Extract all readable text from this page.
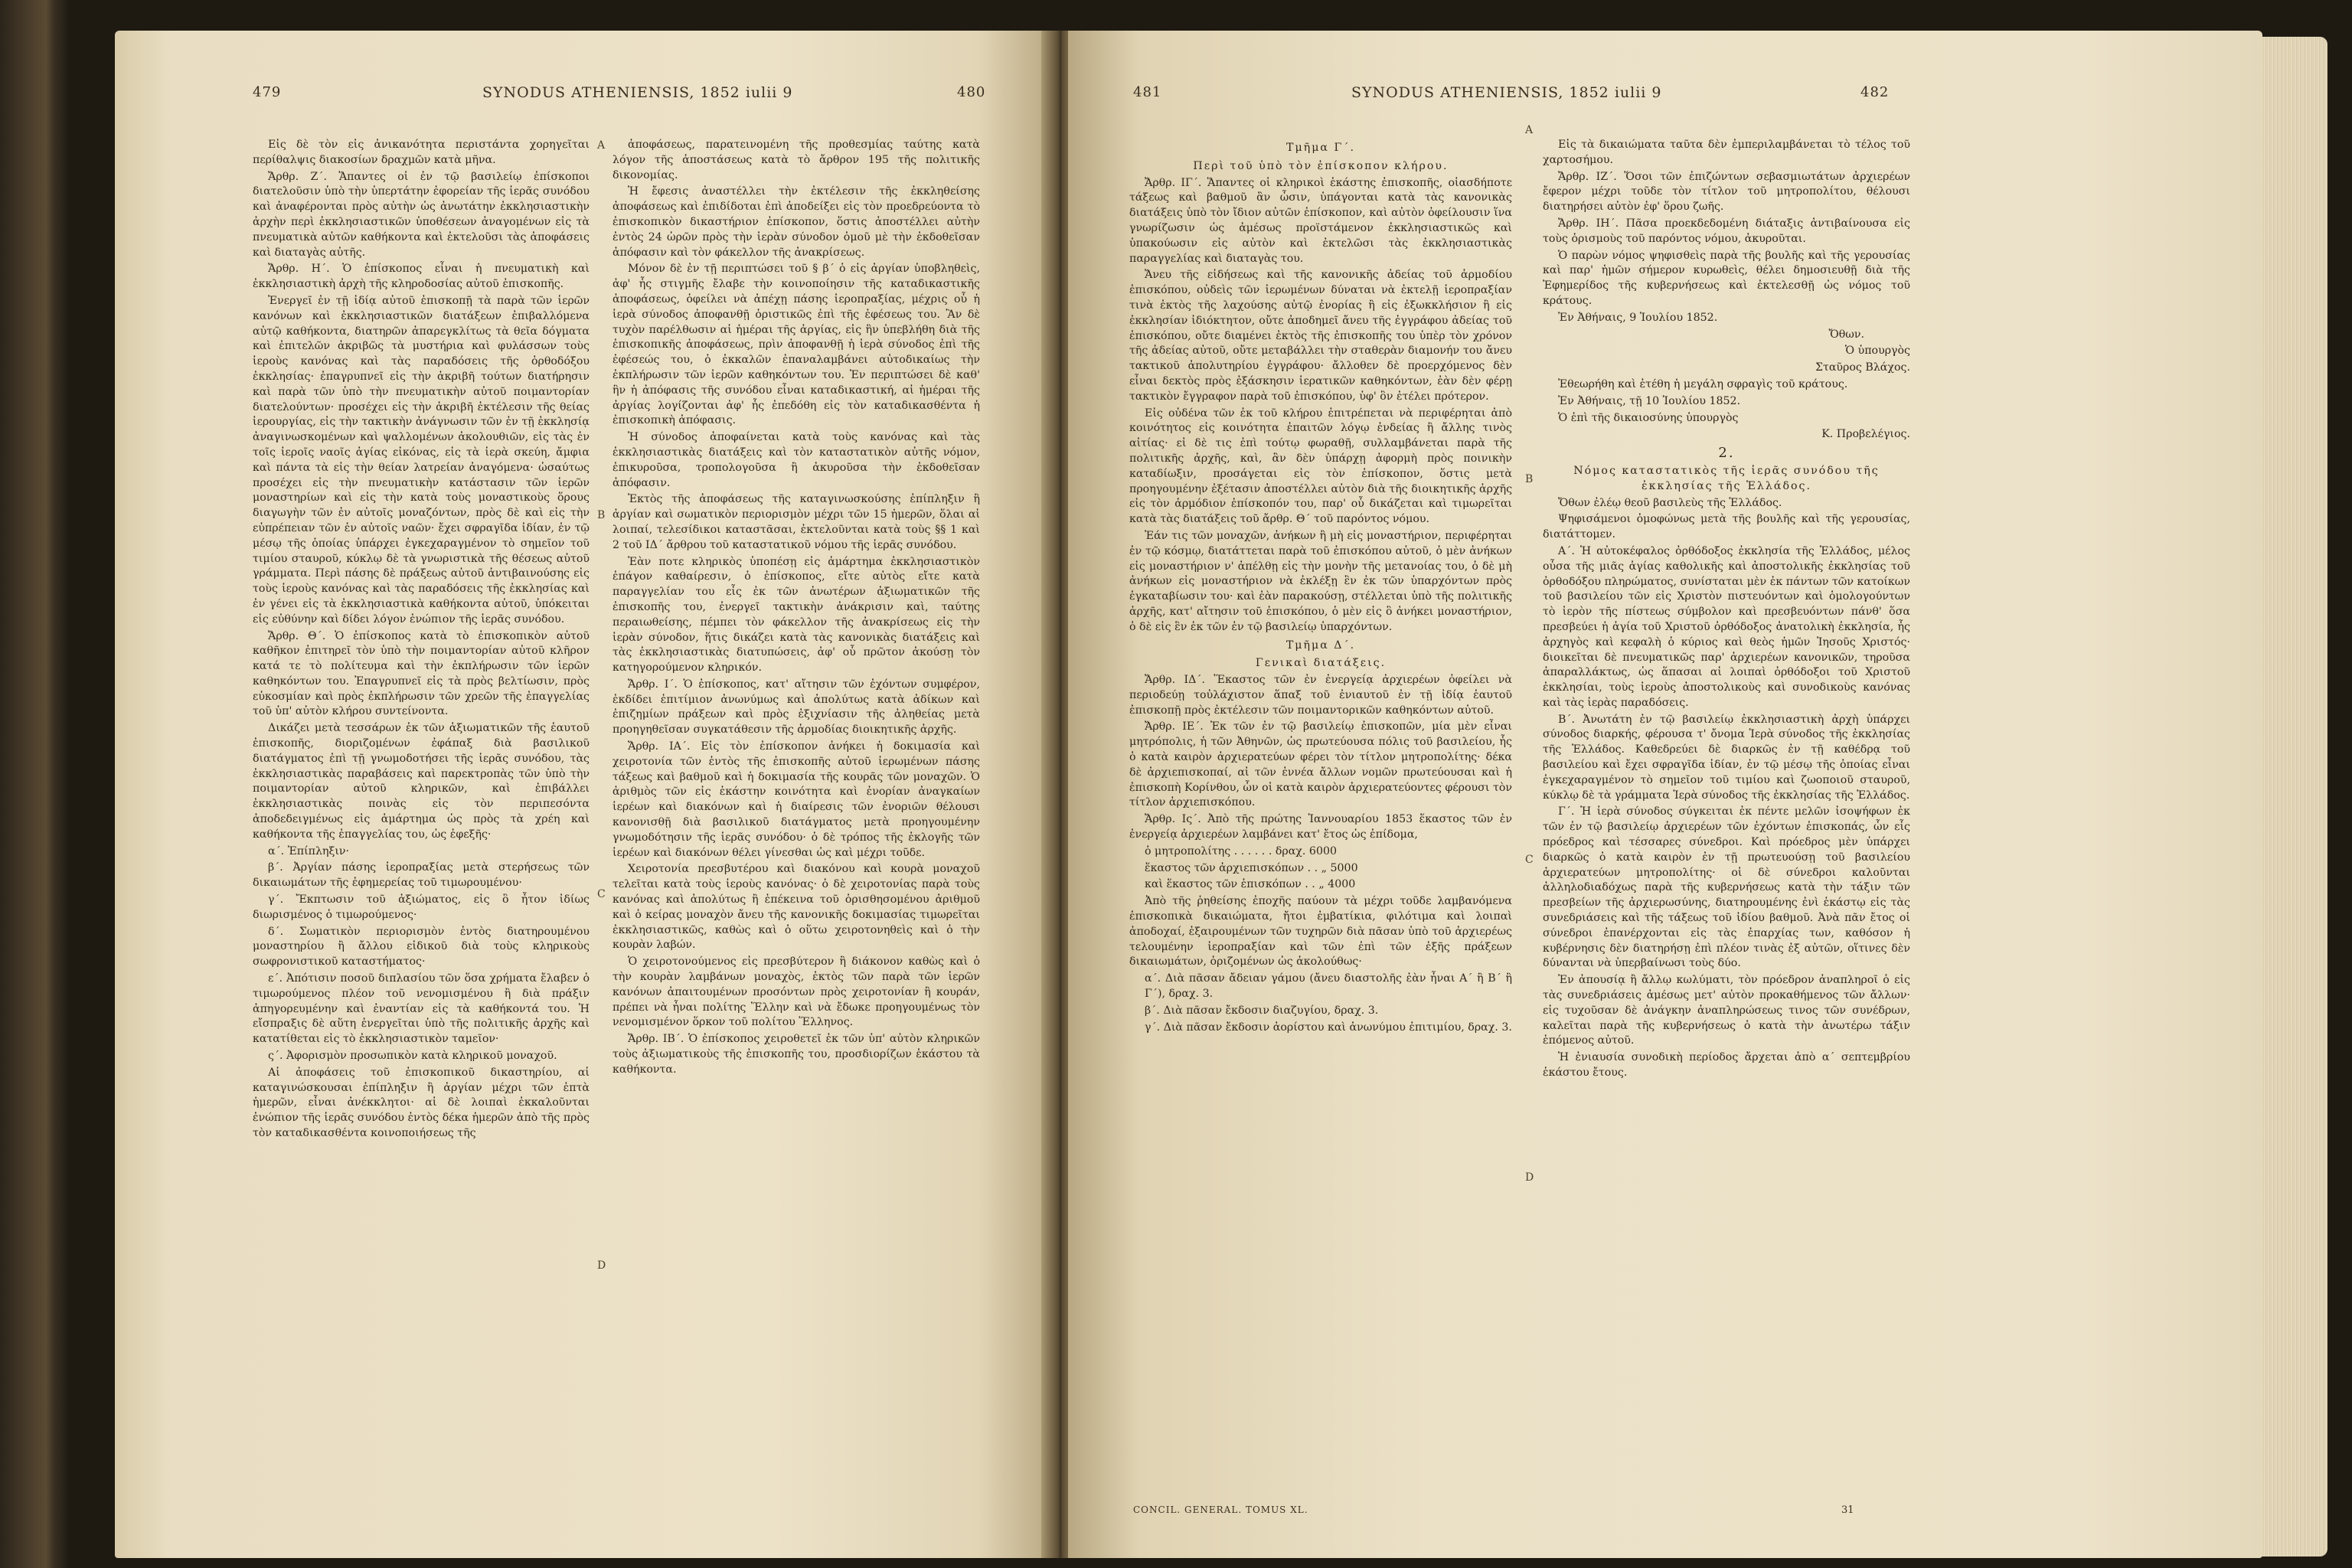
479	SYNODUS ATHENIENSIS, 1852 iulii 9	480

Εἰς δὲ τὸν εἰς ἀνικανότητα περιστάντα χορηγεῖται περίθαλψις διακοσίων δραχμῶν κατὰ μῆνα.

Ἄρθρ. Ζ΄. Ἅπαντες οἱ ἐν τῷ βασιλείῳ ἐπίσκοποι διατελοῦσιν ὑπὸ τὴν ὑπερτάτην ἐφορείαν τῆς ἱερᾶς συνόδου καὶ ἀναφέρονται πρὸς αὐτὴν ὡς ἀνωτάτην ἐκκλησιαστικὴν ἀρχὴν περὶ ἐκκλησιαστικῶν ὑποθέσεων ἀναγομένων εἰς τὰ πνευματικὰ αὐτῶν καθήκοντα καὶ ἐκτελοῦσι τὰς ἀποφάσεις καὶ διαταγὰς αὐτῆς.

Ἄρθρ. Η΄. Ὁ ἐπίσκοπος εἶναι ἡ πνευματικὴ καὶ ἐκκλησιαστικὴ ἀρχὴ τῆς κληροδοσίας αὐτοῦ ἐπισκοπῆς.

Ἐνεργεῖ ἐν τῇ ἰδίᾳ αὐτοῦ ἐπισκοπῇ τὰ παρὰ τῶν ἱερῶν κανόνων καὶ ἐκκλησιαστικῶν διατάξεων ἐπιβαλλόμενα αὐτῷ καθήκοντα, διατηρῶν ἀπαρεγκλίτως τὰ θεῖα δόγματα καὶ ἐπιτελῶν ἀκριβῶς τὰ μυστήρια καὶ φυλάσσων τοὺς ἱεροὺς κανόνας καὶ τὰς παραδόσεις τῆς ὀρθοδόξου ἐκκλησίας· ἐπαγρυπνεῖ εἰς τὴν ἀκριβῆ τούτων διατήρησιν καὶ παρὰ τῶν ὑπὸ τὴν πνευματικὴν αὐτοῦ ποιμαντορίαν διατελούντων· προσέχει εἰς τὴν ἀκριβῆ ἐκτέλεσιν τῆς θείας ἱερουργίας, εἰς τὴν τακτικὴν ἀνάγνωσιν τῶν ἐν τῇ ἐκκλησίᾳ ἀναγινωσκομένων καὶ ψαλλομένων ἀκολουθιῶν, εἰς τὰς ἐν τοῖς ἱεροῖς ναοῖς ἁγίας εἰκόνας, εἰς τὰ ἱερὰ σκεύη, ἄμφια καὶ πάντα τὰ εἰς τὴν θείαν λατρείαν ἀναγόμενα· ὡσαύτως προσέχει εἰς τὴν πνευματικὴν κατάστασιν τῶν ἱερῶν μοναστηρίων καὶ εἰς τὴν κατὰ τοὺς μοναστικοὺς ὅρους διαγωγὴν τῶν ἐν αὐτοῖς μοναζόντων, πρὸς δὲ καὶ εἰς τὴν εὐπρέπειαν τῶν ἐν αὐτοῖς ναῶν· ἔχει σφραγῖδα ἰδίαν, ἐν τῷ μέσῳ τῆς ὁποίας ὑπάρχει ἐγκεχαραγμένον τὸ σημεῖον τοῦ τιμίου σταυροῦ, κύκλῳ δὲ τὰ γνωριστικὰ τῆς θέσεως αὐτοῦ γράμματα. Περὶ πάσης δὲ πράξεως αὐτοῦ ἀντιβαινούσης εἰς τοὺς ἱεροὺς κανόνας καὶ τὰς παραδόσεις τῆς ἐκκλησίας καὶ ἐν γένει εἰς τὰ ἐκκλησιαστικὰ καθήκοντα αὐτοῦ, ὑπόκειται εἰς εὐθύνην καὶ δίδει λόγον ἐνώπιον τῆς ἱερᾶς συνόδου.

Ἄρθρ. Θ΄. Ὁ ἐπίσκοπος κατὰ τὸ ἐπισκοπικὸν αὐτοῦ καθῆκον ἐπιτηρεῖ τὸν ὑπὸ τὴν ποιμαντορίαν αὐτοῦ κλῆρον κατά τε τὸ πολίτευμα καὶ τὴν ἐκπλήρωσιν τῶν ἱερῶν καθηκόντων του. Ἐπαγρυπνεῖ εἰς τὰ πρὸς βελτίωσιν, πρὸς εὐκοσμίαν καὶ πρὸς ἐκπλήρωσιν τῶν χρεῶν τῆς ἐπαγγελίας τοῦ ὑπ' αὐτὸν κλήρου συντείνοντα.

Δικάζει μετὰ τεσσάρων ἐκ τῶν ἀξιωματικῶν τῆς ἑαυτοῦ ἐπισκοπῆς, διοριζομένων ἐφάπαξ διὰ βασιλικοῦ διατάγματος ἐπὶ τῇ γνωμοδοτήσει τῆς ἱερᾶς συνόδου, τὰς ἐκκλησιαστικὰς παραβάσεις καὶ παρεκτροπὰς τῶν ὑπὸ τὴν ποιμαντορίαν αὐτοῦ κληρικῶν, καὶ ἐπιβάλλει ἐκκλησιαστικὰς ποινὰς εἰς τὸν περιπεσόντα ἀποδεδειγμένως εἰς ἁμάρτημα ὡς πρὸς τὰ χρέη καὶ καθήκοντα τῆς ἐπαγγελίας του, ὡς ἐφεξῆς·

α΄. Ἐπίπληξιν·

β΄. Ἀργίαν πάσης ἱεροπραξίας μετὰ στερήσεως τῶν δικαιωμάτων τῆς ἐφημερείας τοῦ τιμωρουμένου·

γ΄. Ἔκπτωσιν τοῦ ἀξιώματος, εἰς ὃ ἦτον ἰδίως διωρισμένος ὁ τιμωρούμενος·

δ΄. Σωματικὸν περιορισμὸν ἐντὸς διατηρουμένου μοναστηρίου ἢ ἄλλου εἰδικοῦ διὰ τοὺς κληρικοὺς σωφρονιστικοῦ καταστήματος·

ε΄. Ἀπότισιν ποσοῦ διπλασίου τῶν ὅσα χρήματα ἔλαβεν ὁ τιμωρούμενος πλέον τοῦ νενομισμένου ἢ διὰ πράξιν ἀπηγορευμένην καὶ ἐναντίαν εἰς τὰ καθήκοντά του. Ἡ εἴσπραξις δὲ αὕτη ἐνεργεῖται ὑπὸ τῆς πολιτικῆς ἀρχῆς καὶ κατατίθεται εἰς τὸ ἐκκλησιαστικὸν ταμεῖον·

ς΄. Ἀφορισμὸν προσωπικὸν κατὰ κληρικοῦ μοναχοῦ.

Αἱ ἀποφάσεις τοῦ ἐπισκοπικοῦ δικαστηρίου, αἱ καταγινώσκουσαι ἐπίπληξιν ἢ ἀργίαν μέχρι τῶν ἑπτὰ ἡμερῶν, εἶναι ἀνέκκλητοι· αἱ δὲ λοιπαὶ ἐκκαλοῦνται ἐνώπιον τῆς ἱερᾶς συνόδου ἐντὸς δέκα ἡμερῶν ἀπὸ τῆς πρὸς τὸν καταδικασθέντα κοινοποιήσεως τῆς

ἀποφάσεως, παρατεινομένη τῆς προθεσμίας ταύτης κατὰ λόγον τῆς ἀποστάσεως κατὰ τὸ ἄρθρον 195 τῆς πολιτικῆς δικονομίας.

Ἡ ἔφεσις ἀναστέλλει τὴν ἐκτέλεσιν τῆς ἐκκληθείσης ἀποφάσεως καὶ ἐπιδίδοται ἐπὶ ἀποδείξει εἰς τὸν προεδρεύοντα τὸ ἐπισκοπικὸν δικαστήριον ἐπίσκοπον, ὅστις ἀποστέλλει αὐτὴν ἐντὸς 24 ὡρῶν πρὸς τὴν ἱερὰν σύνοδον ὁμοῦ μὲ τὴν ἐκδοθεῖσαν ἀπόφασιν καὶ τὸν φάκελλον τῆς ἀνακρίσεως.

Μόνον δὲ ἐν τῇ περιπτώσει τοῦ § β΄ ὁ εἰς ἀργίαν ὑποβληθεὶς, ἀφ' ἧς στιγμῆς ἔλαβε τὴν κοινοποίησιν τῆς καταδικαστικῆς ἀποφάσεως, ὀφείλει νὰ ἀπέχῃ πάσης ἱεροπραξίας, μέχρις οὗ ἡ ἱερὰ σύνοδος ἀποφανθῇ ὁριστικῶς ἐπὶ τῆς ἐφέσεως του. Ἂν δὲ τυχὸν παρέλθωσιν αἱ ἡμέραι τῆς ἀργίας, εἰς ἣν ὑπεβλήθη διὰ τῆς ἐπισκοπικῆς ἀποφάσεως, πρὶν ἀποφανθῇ ἡ ἱερὰ σύνοδος ἐπὶ τῆς ἐφέσεώς του, ὁ ἐκκαλῶν ἐπαναλαμβάνει αὐτοδικαίως τὴν ἐκπλήρωσιν τῶν ἱερῶν καθηκόντων του. Ἐν περιπτώσει δὲ καθ' ἣν ἡ ἀπόφασις τῆς συνόδου εἶναι καταδικαστική, αἱ ἡμέραι τῆς ἀργίας λογίζονται ἀφ' ἧς ἐπεδόθη εἰς τὸν καταδικασθέντα ἡ ἐπισκοπικὴ ἀπόφασις.

Ἡ σύνοδος ἀποφαίνεται κατὰ τοὺς κανόνας καὶ τὰς ἐκκλησιαστικὰς διατάξεις καὶ τὸν καταστατικὸν αὐτῆς νόμον, ἐπικυροῦσα, τροπολογοῦσα ἢ ἀκυροῦσα τὴν ἐκδοθεῖσαν ἀπόφασιν.

Ἐκτὸς τῆς ἀποφάσεως τῆς καταγινωσκούσης ἐπίπληξιν ἢ ἀργίαν καὶ σωματικὸν περιορισμὸν μέχρι τῶν 15 ἡμερῶν, ὅλαι αἱ λοιπαί, τελεσίδικοι καταστᾶσαι, ἐκτελοῦνται κατὰ τοὺς §§ 1 καὶ 2 τοῦ ΙΔ΄ ἄρθρου τοῦ καταστατικοῦ νόμου τῆς ἱερᾶς συνόδου.

Ἐὰν ποτε κληρικὸς ὑποπέσῃ εἰς ἁμάρτημα ἐκκλησιαστικὸν ἐπάγον καθαίρεσιν, ὁ ἐπίσκοπος, εἴτε αὐτὸς εἴτε κατὰ παραγγελίαν του εἷς ἐκ τῶν ἀνωτέρων ἀξιωματικῶν τῆς ἐπισκοπῆς του, ἐνεργεῖ τακτικὴν ἀνάκρισιν καὶ, ταύτης περαιωθείσης, πέμπει τὸν φάκελλον τῆς ἀνακρίσεως εἰς τὴν ἱερὰν σύνοδον, ἥτις δικάζει κατὰ τὰς κανονικὰς διατάξεις καὶ τὰς ἐκκλησιαστικὰς διατυπώσεις, ἀφ' οὗ πρῶτον ἀκούσῃ τὸν κατηγορούμενον κληρικόν.

Ἄρθρ. Ι΄. Ὁ ἐπίσκοπος, κατ' αἴτησιν τῶν ἐχόντων συμφέρον, ἐκδίδει ἐπιτίμιον ἀνωνύμως καὶ ἀπολύτως κατὰ ἀδίκων καὶ ἐπιζημίων πράξεων καὶ πρὸς ἐξιχνίασιν τῆς ἀληθείας μετὰ προηγηθεῖσαν συγκατάθεσιν τῆς ἁρμοδίας διοικητικῆς ἀρχῆς.

Ἄρθρ. ΙΑ΄. Εἰς τὸν ἐπίσκοπον ἀνήκει ἡ δοκιμασία καὶ χειροτονία τῶν ἐντὸς τῆς ἐπισκοπῆς αὐτοῦ ἱερωμένων πάσης τάξεως καὶ βαθμοῦ καὶ ἡ δοκιμασία τῆς κουρᾶς τῶν μοναχῶν. Ὁ ἀριθμὸς τῶν εἰς ἑκάστην κοινότητα καὶ ἐνορίαν ἀναγκαίων ἱερέων καὶ διακόνων καὶ ἡ διαίρεσις τῶν ἐνοριῶν θέλουσι κανονισθῇ διὰ βασιλικοῦ διατάγματος μετὰ προηγουμένην γνωμοδότησιν τῆς ἱερᾶς συνόδου· ὁ δὲ τρόπος τῆς ἐκλογῆς τῶν ἱερέων καὶ διακόνων θέλει γίνεσθαι ὡς καὶ μέχρι τοῦδε.

Χειροτονία πρεσβυτέρου καὶ διακόνου καὶ κουρὰ μοναχοῦ τελεῖται κατὰ τοὺς ἱεροὺς κανόνας· ὁ δὲ χειροτονίας παρὰ τοὺς κανόνας καὶ ἀπολύτως ἢ ἐπέκεινα τοῦ ὁρισθησομένου ἀριθμοῦ καὶ ὁ κείρας μοναχὸν ἄνευ τῆς κανονικῆς δοκιμασίας τιμωρεῖται ἐκκλησιαστικῶς, καθὼς καὶ ὁ οὕτω χειροτονηθεὶς καὶ ὁ τὴν κουρὰν λαβών.

Ὁ χειροτονούμενος εἰς πρεσβύτερον ἢ διάκονον καθὼς καὶ ὁ τὴν κουρὰν λαμβάνων μοναχὸς, ἐκτὸς τῶν παρὰ τῶν ἱερῶν κανόνων ἀπαιτουμένων προσόντων πρὸς χειροτονίαν ἢ κουράν, πρέπει νὰ ἦναι πολίτης Ἕλλην καὶ νὰ ἔδωκε προηγουμένως τὸν νενομισμένον ὅρκον τοῦ πολίτου Ἕλληνος.

Ἄρθρ. ΙΒ΄. Ὁ ἐπίσκοπος χειροθετεῖ ἐκ τῶν ὑπ' αὐτὸν κληρικῶν τοὺς ἀξιωματικοὺς τῆς ἐπισκοπῆς του, προσδιορίζων ἑκάστου τὰ καθήκοντα.

A
B
C
D
481	SYNODUS ATHENIENSIS, 1852 iulii 9	482

Τμῆμα Γ΄.

Περὶ τοῦ ὑπὸ τὸν ἐπίσκοπον κλήρου.

Ἄρθρ. ΙΓ΄. Ἅπαντες οἱ κληρικοὶ ἑκάστης ἐπισκοπῆς, οἱασδήποτε τάξεως καὶ βαθμοῦ ἂν ὦσιν, ὑπάγονται κατὰ τὰς κανονικὰς διατάξεις ὑπὸ τὸν ἴδιον αὐτῶν ἐπίσκοπον, καὶ αὐτὸν ὀφείλουσιν ἵνα γνωρίζωσιν ὡς ἀμέσως προϊστάμενον ἐκκλησιαστικῶς καὶ ὑπακούωσιν εἰς αὐτὸν καὶ ἐκτελῶσι τὰς ἐκκλησιαστικὰς παραγγελίας καὶ διαταγὰς του.

Ἄνευ τῆς εἰδήσεως καὶ τῆς κανονικῆς ἀδείας τοῦ ἁρμοδίου ἐπισκόπου, οὐδεὶς τῶν ἱερωμένων δύναται νὰ ἐκτελῇ ἱεροπραξίαν τινὰ ἐκτὸς τῆς λαχούσης αὐτῷ ἐνορίας ἢ εἰς ἐξωκκλήσιον ἢ εἰς ἐκκλησίαν ἰδιόκτητον, οὔτε ἀποδημεῖ ἄνευ τῆς ἐγγράφου ἀδείας τοῦ ἐπισκόπου, οὔτε διαμένει ἐκτὸς τῆς ἐπισκοπῆς του ὑπὲρ τὸν χρόνον τῆς ἀδείας αὐτοῦ, οὔτε μεταβάλλει τὴν σταθερὰν διαμονήν του ἄνευ τακτικοῦ ἀπολυτηρίου ἐγγράφου· ἄλλοθεν δὲ προερχόμενος δὲν εἶναι δεκτὸς πρὸς ἐξάσκησιν ἱερατικῶν καθηκόντων, ἐὰν δὲν φέρῃ τακτικὸν ἔγγραφον παρὰ τοῦ ἐπισκόπου, ὑφ' ὃν ἐτέλει πρότερον.

Εἰς οὐδένα τῶν ἐκ τοῦ κλήρου ἐπιτρέπεται νὰ περιφέρηται ἀπὸ κοινότητος εἰς κοινότητα ἐπαιτῶν λόγῳ ἐνδείας ἢ ἄλλης τινὸς αἰτίας· εἰ δὲ τις ἐπὶ τούτῳ φωραθῇ, συλλαμβάνεται παρὰ τῆς πολιτικῆς ἀρχῆς, καὶ, ἂν δὲν ὑπάρχῃ ἀφορμὴ πρὸς ποινικὴν καταδίωξιν, προσάγεται εἰς τὸν ἐπίσκοπον, ὅστις μετὰ προηγουμένην ἐξέτασιν ἀποστέλλει αὐτὸν διὰ τῆς διοικητικῆς ἀρχῆς εἰς τὸν ἁρμόδιον ἐπίσκοπόν του, παρ' οὗ δικάζεται καὶ τιμωρεῖται κατὰ τὰς διατάξεις τοῦ ἄρθρ. Θ΄ τοῦ παρόντος νόμου.

Ἐάν τις τῶν μοναχῶν, ἀνήκων ἢ μὴ εἰς μοναστήριον, περιφέρηται ἐν τῷ κόσμῳ, διατάττεται παρὰ τοῦ ἐπισκόπου αὐτοῦ, ὁ μὲν ἀνήκων εἰς μοναστήριον ν' ἀπέλθῃ εἰς τὴν μονὴν τῆς μετανοίας του, ὁ δὲ μὴ ἀνήκων εἰς μοναστήριον νὰ ἐκλέξῃ ἓν ἐκ τῶν ὑπαρχόντων πρὸς ἐγκαταβίωσιν του· καὶ ἐὰν παρακούσῃ, στέλλεται ὑπὸ τῆς πολιτικῆς ἀρχῆς, κατ' αἴτησιν τοῦ ἐπισκόπου, ὁ μὲν εἰς ὃ ἀνήκει μοναστήριον, ὁ δὲ εἰς ἓν ἐκ τῶν ἐν τῷ βασιλείῳ ὑπαρχόντων.

Τμῆμα Δ΄.

Γενικαὶ διατάξεις.

Ἄρθρ. ΙΔ΄. Ἕκαστος τῶν ἐν ἐνεργείᾳ ἀρχιερέων ὀφείλει νὰ περιοδεύῃ τοὐλάχιστον ἅπαξ τοῦ ἐνιαυτοῦ ἐν τῇ ἰδίᾳ ἑαυτοῦ ἐπισκοπῇ πρὸς ἐκτέλεσιν τῶν ποιμαντορικῶν καθηκόντων αὐτοῦ.

Ἄρθρ. ΙΕ΄. Ἐκ τῶν ἐν τῷ βασιλείῳ ἐπισκοπῶν, μία μὲν εἶναι μητρόπολις, ἡ τῶν Ἀθηνῶν, ὡς πρωτεύουσα πόλις τοῦ βασιλείου, ἧς ὁ κατὰ καιρὸν ἀρχιερατεύων φέρει τὸν τίτλον μητροπολίτης· δέκα δὲ ἀρχιεπισκοπαί, αἱ τῶν ἐννέα ἄλλων νομῶν πρωτεύουσαι καὶ ἡ ἐπισκοπὴ Κορίνθου, ὧν οἱ κατὰ καιρὸν ἀρχιερατεύοντες φέρουσι τὸν τίτλον ἀρχιεπισκόπου.

Ἄρθρ. Ις΄. Ἀπὸ τῆς πρώτης Ἰαννουαρίου 1853 ἕκαστος τῶν ἐν ἐνεργείᾳ ἀρχιερέων λαμβάνει κατ' ἔτος ὡς ἐπίδομα,

ὁ μητροπολίτης . . . . . . δραχ. 6000

ἕκαστος τῶν ἀρχιεπισκόπων . . „ 5000

καὶ ἕκαστος τῶν ἐπισκόπων . . „ 4000

Ἀπὸ τῆς ῥηθείσης ἐποχῆς παύουν τὰ μέχρι τοῦδε λαμβανόμενα ἐπισκοπικὰ δικαιώματα, ἤτοι ἐμβατίκια, φιλότιμα καὶ λοιπαὶ ἀποδοχαί, ἐξαιρουμένων τῶν τυχηρῶν διὰ πᾶσαν ὑπὸ τοῦ ἀρχιερέως τελουμένην ἱεροπραξίαν καὶ τῶν ἐπὶ τῶν ἐξῆς πράξεων δικαιωμάτων, ὁριζομένων ὡς ἀκολούθως·

α΄. Διὰ πᾶσαν ἄδειαν γάμου (ἄνευ διαστολῆς ἐὰν ἦναι Α΄ ἢ Β΄ ἢ Γ΄), δραχ. 3.

β΄. Διὰ πᾶσαν ἔκδοσιν διαζυγίου, δραχ. 3.

γ΄. Διὰ πᾶσαν ἔκδοσιν ἀορίστου καὶ ἀνωνύμου ἐπιτιμίου, δραχ. 3.

Εἰς τὰ δικαιώματα ταῦτα δὲν ἐμπεριλαμβάνεται τὸ τέλος τοῦ χαρτοσήμου.

Ἄρθρ. ΙΖ΄. Ὅσοι τῶν ἐπιζώντων σεβασμιωτάτων ἀρχιερέων ἔφερον μέχρι τοῦδε τὸν τίτλον τοῦ μητροπολίτου, θέλουσι διατηρήσει αὐτὸν ἐφ' ὅρου ζωῆς.

Ἄρθρ. ΙΗ΄. Πᾶσα προεκδεδομένη διάταξις ἀντιβαίνουσα εἰς τοὺς ὁρισμοὺς τοῦ παρόντος νόμου, ἀκυροῦται.

Ὁ παρὼν νόμος ψηφισθεὶς παρὰ τῆς βουλῆς καὶ τῆς γερουσίας καὶ παρ' ἡμῶν σήμερον κυρωθεὶς, θέλει δημοσιευθῇ διὰ τῆς Ἐφημερίδος τῆς κυβερνήσεως καὶ ἐκτελεσθῇ ὡς νόμος τοῦ κράτους.

Ἐν Ἀθήναις, 9 Ἰουλίου 1852.

Ὄθων.

Ὁ ὑπουργὸς

Σταῦρος Βλάχος.

Ἐθεωρήθη καὶ ἐτέθη ἡ μεγάλη σφραγὶς τοῦ κράτους.

Ἐν Ἀθήναις, τῇ 10 Ἰουλίου 1852.

Ὁ ἐπὶ τῆς δικαιοσύνης ὑπουργὸς

Κ. Προβελέγιος.

2.

Νόμος καταστατικὸς τῆς ἱερᾶς συνόδου τῆς ἐκκλησίας τῆς Ἑλλάδος.

Ὄθων ἐλέῳ θεοῦ βασιλεὺς τῆς Ἑλλάδος.

Ψηφισάμενοι ὁμοφώνως μετὰ τῆς βουλῆς καὶ τῆς γερουσίας, διατάττομεν.

Α΄. Ἡ αὐτοκέφαλος ὀρθόδοξος ἐκκλησία τῆς Ἑλλάδος, μέλος οὖσα τῆς μιᾶς ἁγίας καθολικῆς καὶ ἀποστολικῆς ἐκκλησίας τοῦ ὀρθοδόξου πληρώματος, συνίσταται μὲν ἐκ πάντων τῶν κατοίκων τοῦ βασιλείου τῶν εἰς Χριστὸν πιστευόντων καὶ ὁμολογούντων τὸ ἱερὸν τῆς πίστεως σύμβολον καὶ πρεσβευόντων πάνθ' ὅσα πρεσβεύει ἡ ἁγία τοῦ Χριστοῦ ὀρθόδοξος ἀνατολικὴ ἐκκλησία, ἧς ἀρχηγὸς καὶ κεφαλὴ ὁ κύριος καὶ θεὸς ἡμῶν Ἰησοῦς Χριστός· διοικεῖται δὲ πνευματικῶς παρ' ἀρχιερέων κανονικῶν, τηροῦσα ἀπαραλλάκτως, ὡς ἅπασαι αἱ λοιπαὶ ὀρθόδοξοι τοῦ Χριστοῦ ἐκκλησίαι, τοὺς ἱεροὺς ἀποστολικοὺς καὶ συνοδικοὺς κανόνας καὶ τὰς ἱερὰς παραδόσεις.

Β΄. Ἀνωτάτη ἐν τῷ βασιλείῳ ἐκκλησιαστικὴ ἀρχὴ ὑπάρχει σύνοδος διαρκής, φέρουσα τ' ὄνομα Ἱερὰ σύνοδος τῆς ἐκκλησίας τῆς Ἑλλάδος. Καθεδρεύει δὲ διαρκῶς ἐν τῇ καθέδρᾳ τοῦ βασιλείου καὶ ἔχει σφραγῖδα ἰδίαν, ἐν τῷ μέσῳ τῆς ὁποίας εἶναι ἐγκεχαραγμένον τὸ σημεῖον τοῦ τιμίου καὶ ζωοποιοῦ σταυροῦ, κύκλῳ δὲ τὰ γράμματα Ἱερὰ σύνοδος τῆς ἐκκλησίας τῆς Ἑλλάδος.

Γ΄. Ἡ ἱερὰ σύνοδος σύγκειται ἐκ πέντε μελῶν ἰσοψήφων ἐκ τῶν ἐν τῷ βασιλείῳ ἀρχιερέων τῶν ἐχόντων ἐπισκοπάς, ὧν εἷς πρόεδρος καὶ τέσσαρες σύνεδροι. Καὶ πρόεδρος μὲν ὑπάρχει διαρκῶς ὁ κατὰ καιρὸν ἐν τῇ πρωτευούσῃ τοῦ βασιλείου ἀρχιερατεύων μητροπολίτης· οἱ δὲ σύνεδροι καλοῦνται ἀλληλοδιαδόχως παρὰ τῆς κυβερνήσεως κατὰ τὴν τάξιν τῶν πρεσβείων τῆς ἀρχιερωσύνης, διατηρουμένης ἐνὶ ἑκάστῳ εἰς τὰς συνεδριάσεις καὶ τῆς τάξεως τοῦ ἰδίου βαθμοῦ. Ἀνὰ πᾶν ἔτος οἱ σύνεδροι ἐπανέρχονται εἰς τὰς ἐπαρχίας των, καθόσον ἡ κυβέρνησις δὲν διατηρήσῃ ἐπὶ πλέον τινὰς ἐξ αὐτῶν, οἵτινες δὲν δύνανται νὰ ὑπερβαίνωσι τοὺς δύο.

Ἐν ἀπουσίᾳ ἢ ἄλλῳ κωλύματι, τὸν πρόεδρον ἀναπληροῖ ὁ εἰς τὰς συνεδριάσεις ἀμέσως μετ' αὐτὸν προκαθήμενος τῶν ἄλλων· εἰς τυχοῦσαν δὲ ἀνάγκην ἀναπληρώσεως τινος τῶν συνέδρων, καλεῖται παρὰ τῆς κυβερνήσεως ὁ κατὰ τὴν ἀνωτέρω τάξιν ἑπόμενος αὐτοῦ.

Ἡ ἐνιαυσία συνοδικὴ περίοδος ἄρχεται ἀπὸ α΄ σεπτεμβρίου ἑκάστου ἔτους.

A
B
C
D
CONCIL. GENERAL. TOMUS XL.	31
